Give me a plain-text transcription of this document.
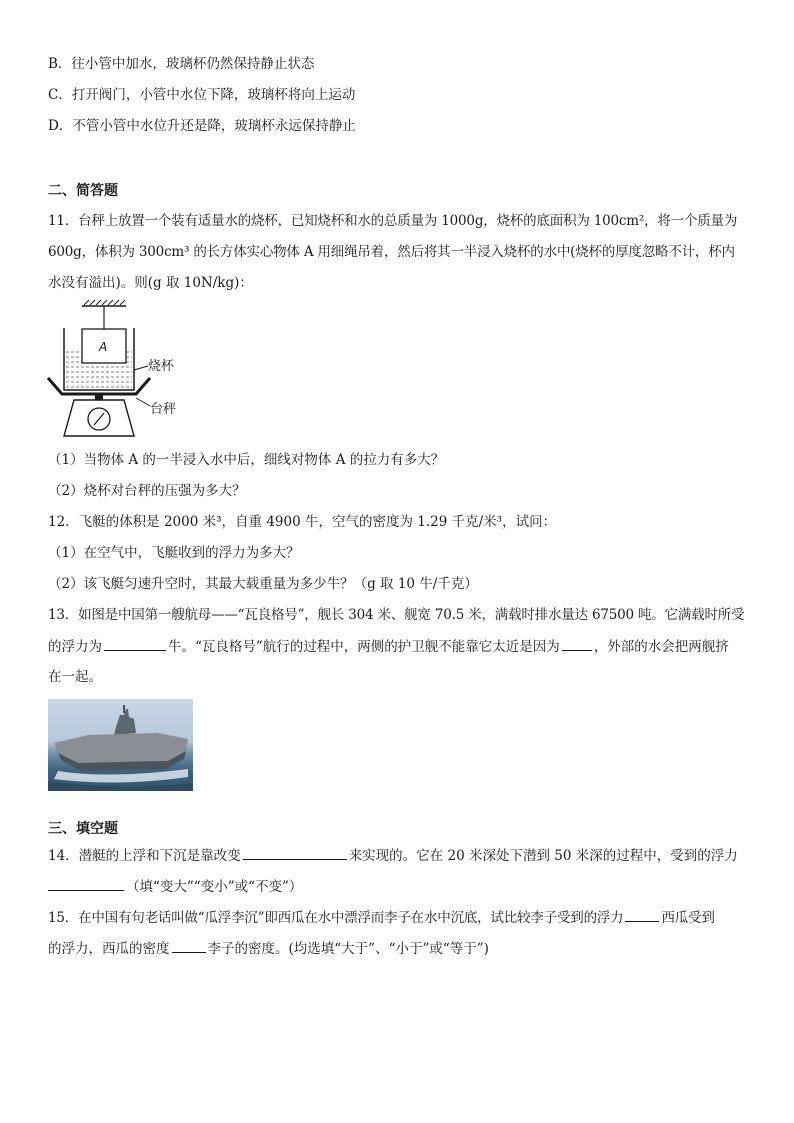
B．往小管中加水，玻璃杯仍然保持静止状态
C．打开阀门，小管中水位下降，玻璃杯将向上运动
D．不管小管中水位升还是降，玻璃杯永远保持静止
二、简答题
11．台秤上放置一个装有适量水的烧杯，已知烧杯和水的总质量为 1000g，烧杯的底面积为 100cm²，将一个质量为
600g，体积为 300cm³ 的长方体实心物体 A 用细绳吊着，然后将其一半浸入烧杯的水中(烧杯的厚度忽略不计，杯内
水没有溢出)。则(g 取 10N/kg)：
A
烧杯
台秤
（1）当物体 A 的一半浸入水中后，细线对物体 A 的拉力有多大？
（2）烧杯对台秤的压强为多大？
12．飞艇的体积是 2000 米³，自重 4900 牛，空气的密度为 1.29 千克/米³，试问：
（1）在空气中，飞艇收到的浮力为多大？
（2）该飞艇匀速升空时，其最大载重量为多少牛？（g 取 10 牛/千克）
13．如图是中国第一艘航母——“瓦良格号”，舰长 304 米、舰宽 70.5 米，满载时排水量达 67500 吨。它满载时所受
的浮力为	牛。“瓦良格号”航行的过程中，两侧的护卫舰不能靠它太近是因为	，外部的水会把两舰挤
在一起。
三、填空题
14．潜艇的上浮和下沉是靠改变	来实现的。它在 20 米深处下潜到 50 米深的过程中，受到的浮力
（填“变大”“变小”或“不变”）
15．在中国有句老话叫做“瓜浮李沉”即西瓜在水中漂浮而李子在水中沉底，试比较李子受到的浮力	西瓜受到
的浮力，西瓜的密度	李子的密度。(均选填“大于”、“小于”或“等于”)
